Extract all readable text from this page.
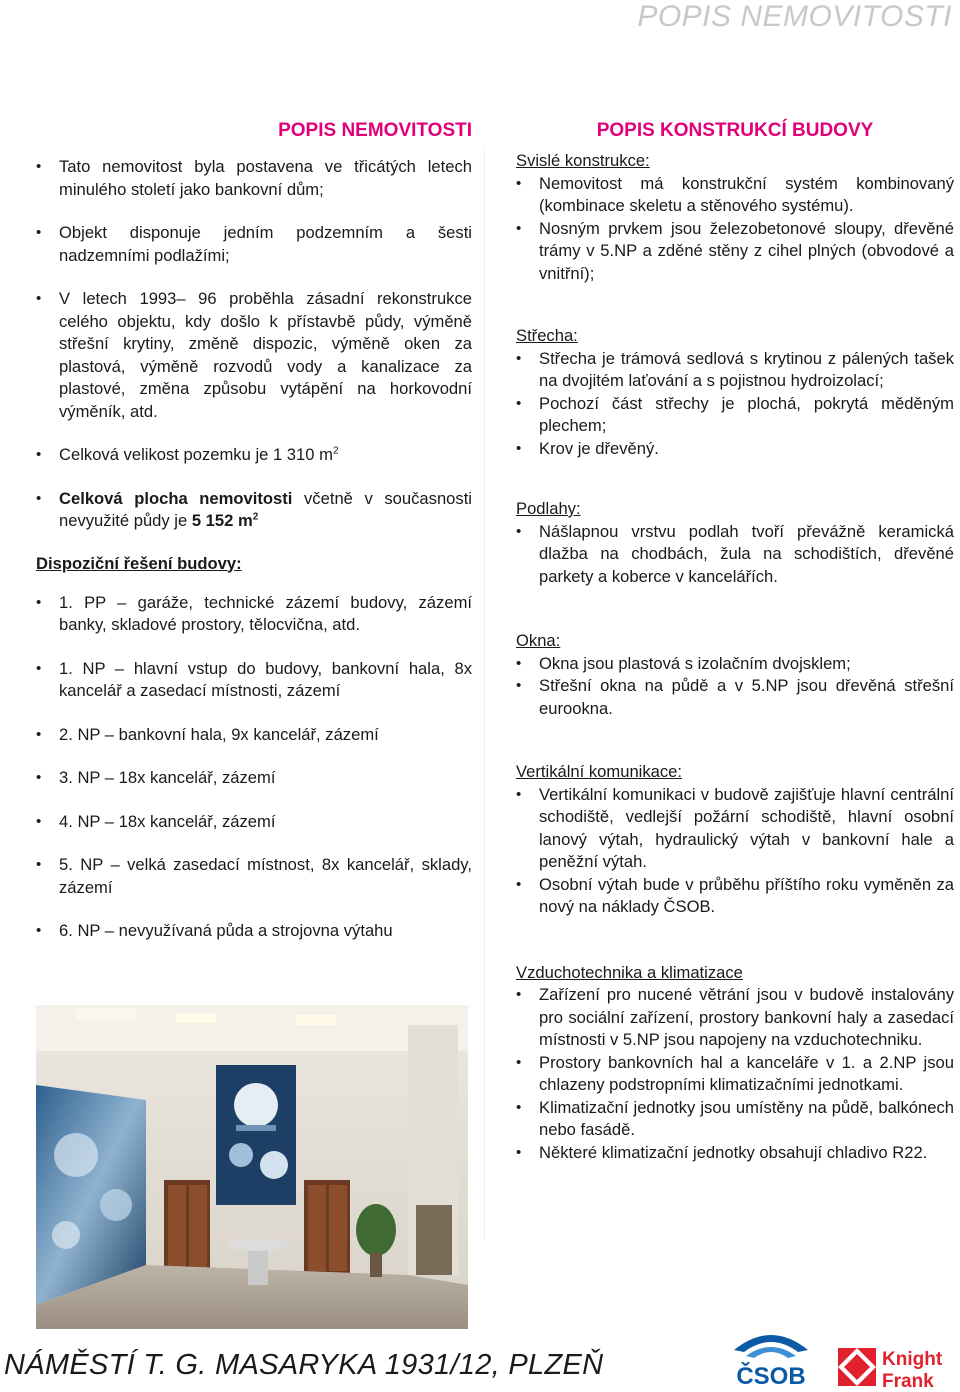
POPIS NEMOVITOSTI
POPIS NEMOVITOSTI
• Tato nemovitost byla postavena ve třicátých letech minulého století jako bankovní dům;
• Objekt disponuje jedním podzemním a šesti nadzemními podlažími;
• V letech 1993– 96 proběhla zásadní rekonstrukce celého objektu, kdy došlo k přístavbě půdy, výměně střešní krytiny, změně dispozic, výměně oken za plastová, výměně rozvodů vody a kanalizace za plastové, změna způsobu vytápění na horkovodní výměník, atd.
• Celková velikost pozemku je 1 310 $m^2$
• Celková plocha nemovitosti včetně v současnosti nevyužité půdy je 5 152 $m^2$
Dispoziční řešení budovy:
• 1. PP – garáže, technické zázemí budovy, zázemí banky, skladové prostory, tělocvična, atd.
• 1. NP – hlavní vstup do budovy, bankovní hala, 8x kancelář a zasedací místnosti, zázemí
• 2. NP – bankovní hala, 9x kancelář, zázemí
• 3. NP – 18x kancelář, zázemí
• 4. NP – 18x kancelář, zázemí
• 5. NP – velká zasedací místnost, 8x kancelář, sklady, zázemí
• 6. NP – nevyužívaná půda a strojovna výtahu
POPIS KONSTRUKCÍ BUDOVY
Svislé konstrukce:
• Nemovitost má konstrukční systém kombinovaný (kombinace skeletu a stěnového systému).
• Nosným prvkem jsou železobetonové sloupy, dřevěné trámy v 5.NP a zděné stěny z cihel plných (obvodové a vnitřní);
Střecha:
• Střecha je trámová sedlová s krytinou z pálených tašek na dvojitém laťování a s pojistnou hydroizolací;
• Pochozí část střechy je plochá, pokrytá měděným plechem;
• Krov je dřevěný.
Podlahy:
• Nášlapnou vrstvu podlah tvoří převážně keramická dlažba na chodbách, žula na schodištích, dřevěné parkety a koberce v kancelářích.
Okna:
• Okna jsou plastová s izolačním dvojsklem;
• Střešní okna na půdě a v 5.NP jsou dřevěná střešní eurookna.
Vertikální komunikace:
• Vertikální komunikaci v budově zajišťuje hlavní centrální schodiště, vedlejší požární schodiště, hlavní osobní lanový výtah, hydraulický výtah v bankovní hale a peněžní výtah.
• Osobní výtah bude v průběhu příštího roku vyměněn za nový na náklady ČSOB.
Vzduchotechnika a klimatizace
• Zařízení pro nucené větrání jsou v budově instalovány pro sociální zařízení, prostory bankovní haly a zasedací místnosti v 5.NP jsou napojeny na vzduchotechniku.
• Prostory bankovních hal a kanceláře v 1. a 2.NP jsou chlazeny podstropními klimatizačními jednotkami.
• Klimatizační jednotky jsou umístěny na půdě, balkónech nebo fasádě.
• Některé klimatizační jednotky obsahují chladivo R22.
NÁMĚSTÍ T. G. MASARYKA 1931/12, PLZEŇ	ČSOB
Knight
Frank
